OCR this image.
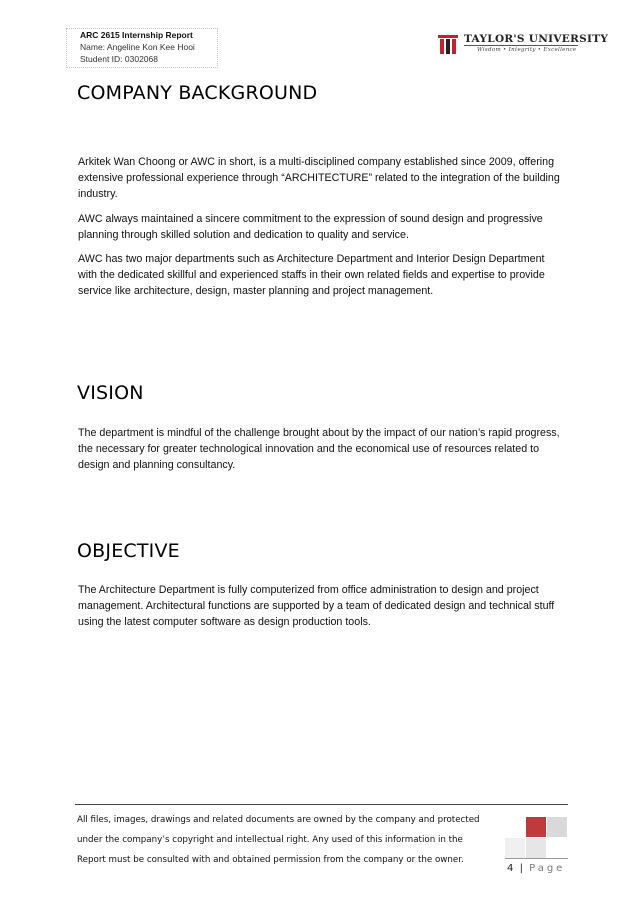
ARC 2615 Internship Report
Name: Angeline Kon Kee Hooi
Student ID: 0302068
TAYLOR'S UNIVERSITY
Wisdom • Integrity • Excellence
COMPANY BACKGROUND

Arkitek Wan Choong or AWC in short, is a multi-disciplined company established since 2009, offering extensive professional experience through “ARCHITECTURE” related to the integration of the building industry.

AWC always maintained a sincere commitment to the expression of sound design and progressive planning through skilled solution and dedication to quality and service.

AWC has two major departments such as Architecture Department and Interior Design Department with the dedicated skillful and experienced staffs in their own related fields and expertise to provide service like architecture, design, master planning and project management.

VISION

The department is mindful of the challenge brought about by the impact of our nation’s rapid progress, the necessary for greater technological innovation and the economical use of resources related to design and planning consultancy.

OBJECTIVE

The Architecture Department is fully computerized from office administration to design and project management. Architectural functions are supported by a team of dedicated design and technical stuff using the latest computer software as design production tools.

All files, images, drawings and related documents are owned by the company and protected
under the company’s copyright and intellectual right. Any used of this information in the
Report must be consulted with and obtained permission from the company or the owner.
4 | Page
